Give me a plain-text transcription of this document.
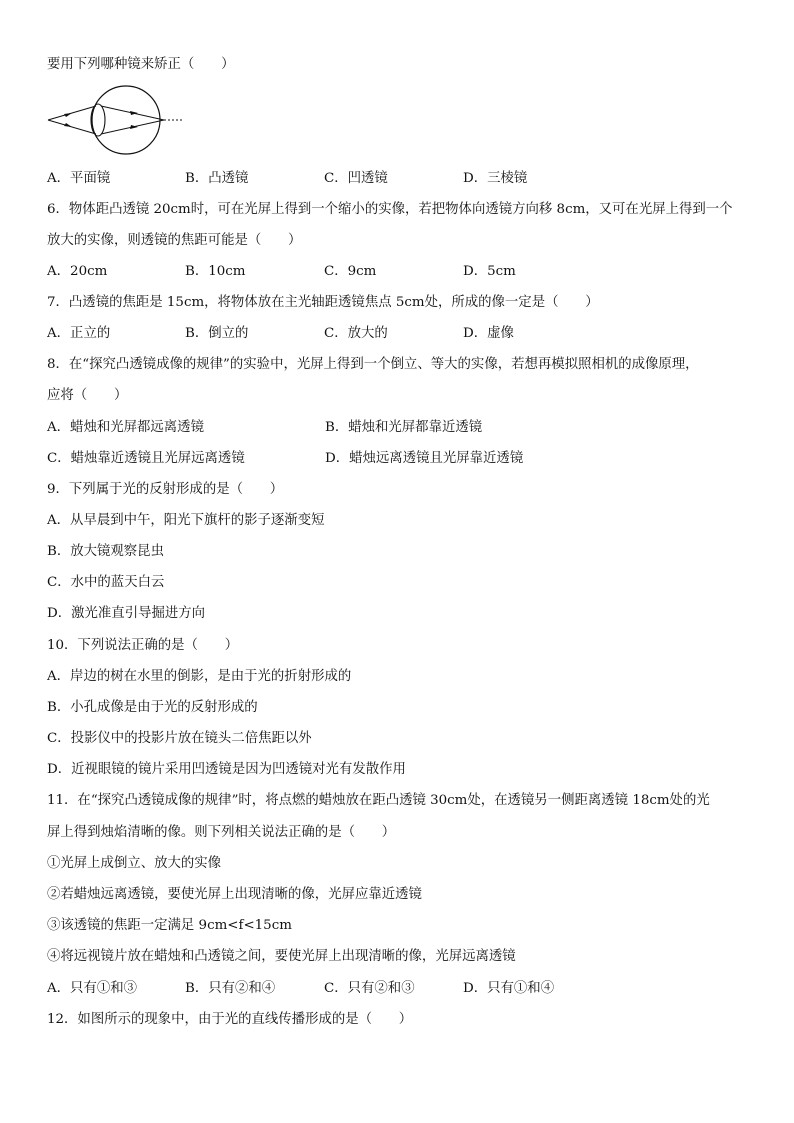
要用下列哪种镜来矫正（　　）
A．平面镜	B．凸透镜	C．凹透镜	D．三棱镜
6．物体距凸透镜 20cm时，可在光屏上得到一个缩小的实像，若把物体向透镜方向移 8cm，又可在光屏上得到一个
放大的实像，则透镜的焦距可能是（　　）
A．20cm	B．10cm	C．9cm	D．5cm
7．凸透镜的焦距是 15cm，将物体放在主光轴距透镜焦点 5cm处，所成的像一定是（　　）
A．正立的	B．倒立的	C．放大的	D．虚像
8．在“探究凸透镜成像的规律”的实验中，光屏上得到一个倒立、等大的实像，若想再模拟照相机的成像原理，
应将（　　）
A．蜡烛和光屏都远离透镜	B．蜡烛和光屏都靠近透镜
C．蜡烛靠近透镜且光屏远离透镜	D．蜡烛远离透镜且光屏靠近透镜
9．下列属于光的反射形成的是（　　）
A．从早晨到中午，阳光下旗杆的影子逐渐变短
B．放大镜观察昆虫
C．水中的蓝天白云
D．激光准直引导掘进方向
10．下列说法正确的是（　　）
A．岸边的树在水里的倒影，是由于光的折射形成的
B．小孔成像是由于光的反射形成的
C．投影仪中的投影片放在镜头二倍焦距以外
D．近视眼镜的镜片采用凹透镜是因为凹透镜对光有发散作用
11．在“探究凸透镜成像的规律”时，将点燃的蜡烛放在距凸透镜 30cm处，在透镜另一侧距离透镜 18cm处的光
屏上得到烛焰清晰的像。则下列相关说法正确的是（　　）
①光屏上成倒立、放大的实像
②若蜡烛远离透镜，要使光屏上出现清晰的像，光屏应靠近透镜
③该透镜的焦距一定满足 9cm<f<15cm
④将远视镜片放在蜡烛和凸透镜之间，要使光屏上出现清晰的像，光屏远离透镜
A．只有①和③	B．只有②和④	C．只有②和③	D．只有①和④
12．如图所示的现象中，由于光的直线传播形成的是（　　）
